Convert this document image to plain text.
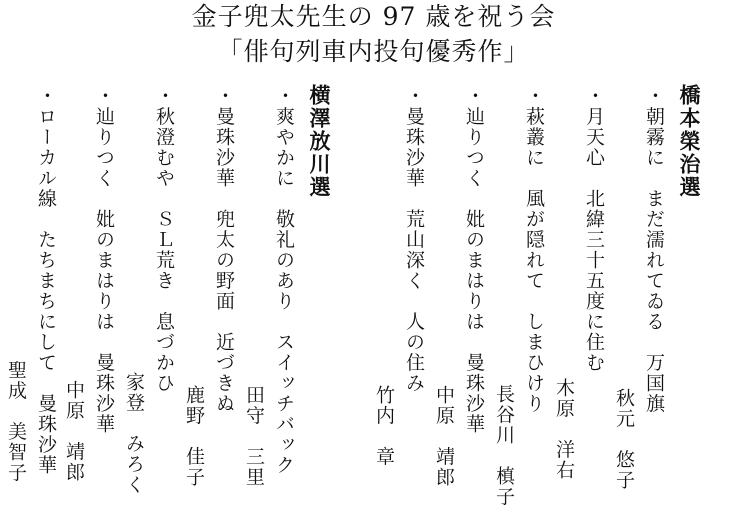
金子兜太先生の 97 歳を祝う会
「俳句列車内投句優秀作」
橋本榮治選
・朝霧に　まだ濡れてゐる　万国旗
秋元　悠子
・月天心　北緯三十五度に住む
木原　洋右
・萩叢に　風が隠れて　しまひけり
長谷川　槙子
・辿りつく　妣のまはりは　曼珠沙華
中原　靖郎
・曼珠沙華　荒山深く　人の住み
竹内　章
横澤放川選
・爽やかに　敬礼のあり　スイッチバック
田守　三里
・曼珠沙華　兜太の野面　近づきぬ
鹿野　佳子
・秋澄むや　ＳＬ荒き　息づかひ
家登　みろく
・辿りつく　妣のまはりは　曼珠沙華
中原　靖郎
・ローカル線　たちまちにして　曼珠沙華
聖成　美智子
